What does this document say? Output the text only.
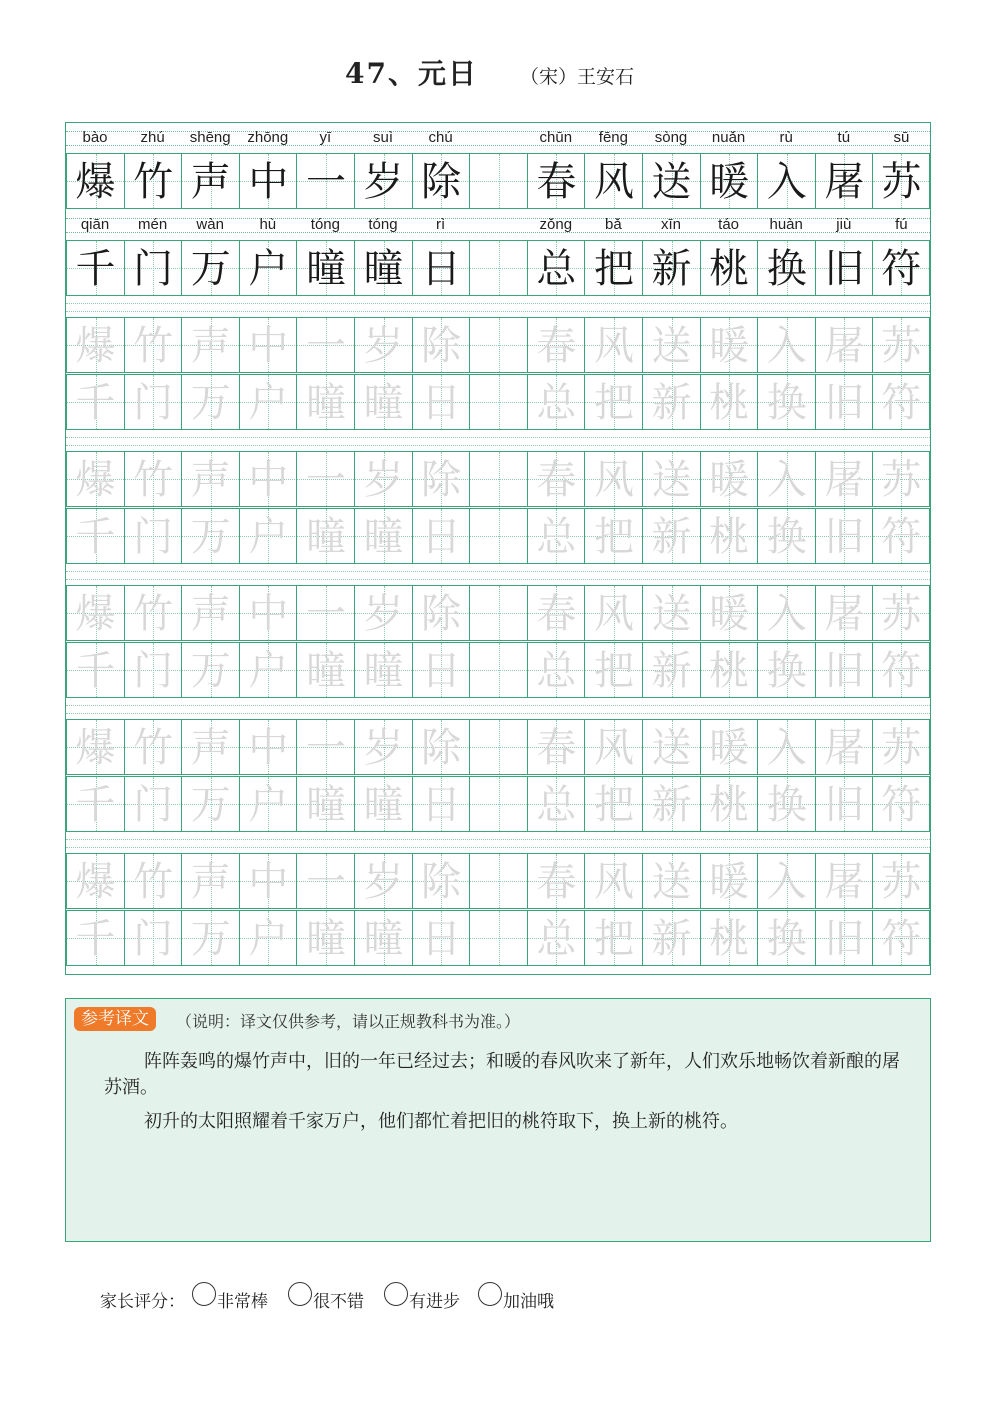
47、元日 （宋）王安石
bào	zhú	shēng	zhōng	yī	suì	chú	chūn	fēng	sòng	nuǎn	rù	tú	sū
爆 竹 声 中 一 岁 除 春 风 送 暖 入 屠 苏
qiān	mén	wàn	hù	tóng	tóng	rì	zǒng	bǎ	xīn	táo	huàn	jiù	fú
千 门 万 户 曈 曈 日 总 把 新 桃 换 旧 符
爆 竹 声 中 一 岁 除 春 风 送 暖 入 屠 苏
千 门 万 户 曈 曈 日 总 把 新 桃 换 旧 符
爆 竹 声 中 一 岁 除 春 风 送 暖 入 屠 苏
千 门 万 户 曈 曈 日 总 把 新 桃 换 旧 符
爆 竹 声 中 一 岁 除 春 风 送 暖 入 屠 苏
千 门 万 户 曈 曈 日 总 把 新 桃 换 旧 符
爆 竹 声 中 一 岁 除 春 风 送 暖 入 屠 苏
千 门 万 户 曈 曈 日 总 把 新 桃 换 旧 符
爆 竹 声 中 一 岁 除 春 风 送 暖 入 屠 苏
千 门 万 户 曈 曈 日 总 把 新 桃 换 旧 符
参考译文	（说明：译文仅供参考，请以正规教科书为准。）
阵阵轰鸣的爆竹声中，旧的一年已经过去；和暖的春风吹来了新年，人们欢乐地畅饮着新酿的屠苏酒。
初升的太阳照耀着千家万户，他们都忙着把旧的桃符取下，换上新的桃符。
家长评分： 非常棒	很不错	有进步	加油哦
